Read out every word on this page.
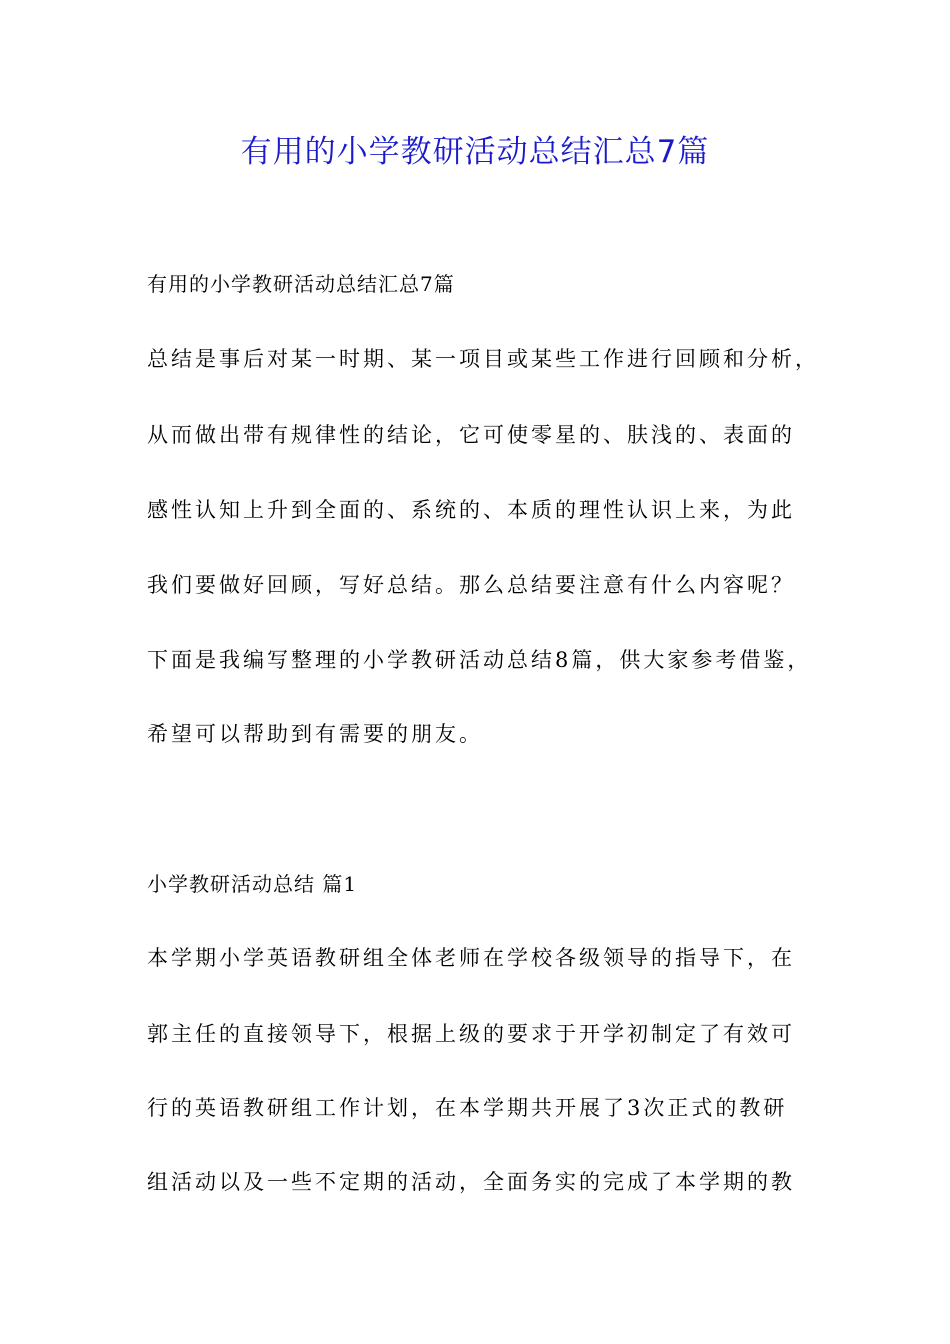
有用的小学教研活动总结汇总7篇
有用的小学教研活动总结汇总7篇
总结是事后对某一时期、某一项目或某些工作进行回顾和分析，
从而做出带有规律性的结论，它可使零星的、肤浅的、表面的
感性认知上升到全面的、系统的、本质的理性认识上来，为此
我们要做好回顾，写好总结。那么总结要注意有什么内容呢？
下面是我编写整理的小学教研活动总结8篇，供大家参考借鉴，
希望可以帮助到有需要的朋友。
小学教研活动总结 篇1
本学期小学英语教研组全体老师在学校各级领导的指导下，在
郭主任的直接领导下，根据上级的要求于开学初制定了有效可
行的英语教研组工作计划，在本学期共开展了3次正式的教研
组活动以及一些不定期的活动，全面务实的完成了本学期的教
